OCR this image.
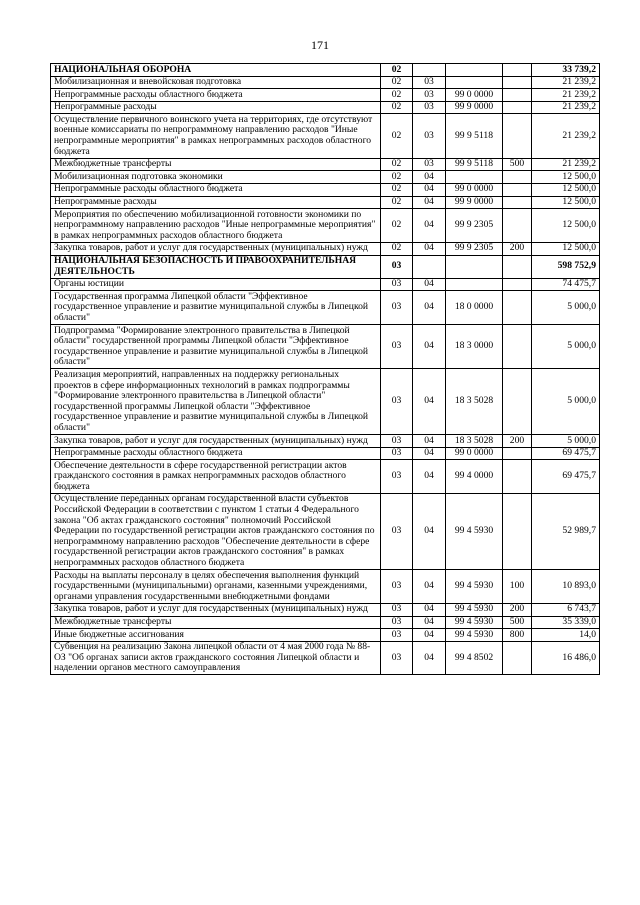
171
НАЦИОНАЛЬНАЯ ОБОРОНА	02				33 739,2
Мобилизационная и вневойсковая подготовка	02	03			21 239,2
Непрограммные расходы областного бюджета	02	03	99 0 0000		21 239,2
Непрограммные расходы	02	03	99 9 0000		21 239,2
Осуществление первичного воинского учета на территориях, где отсутствуют военные комиссариаты по непрограммному направлению расходов "Иные непрограммные мероприятия" в рамках непрограммных расходов областного бюджета	02	03	99 9 5118		21 239,2
Межбюджетные трансферты	02	03	99 9 5118	500	21 239,2
Мобилизационная подготовка экономики	02	04			12 500,0
Непрограммные расходы областного бюджета	02	04	99 0 0000		12 500,0
Непрограммные расходы	02	04	99 9 0000		12 500,0
Мероприятия по обеспечению мобилизационной готовности экономики по непрограммному направлению расходов "Иные непрограммные мероприятия" в рамках непрограммных расходов областного бюджета	02	04	99 9 2305		12 500,0
Закупка товаров, работ и услуг для государственных (муниципальных) нужд	02	04	99 9 2305	200	12 500,0
НАЦИОНАЛЬНАЯ БЕЗОПАСНОСТЬ И ПРАВООХРАНИТЕЛЬНАЯ ДЕЯТЕЛЬНОСТЬ	03				598 752,9
Органы юстиции	03	04			74 475,7
Государственная программа Липецкой области "Эффективное государственное управление и развитие муниципальной службы в Липецкой области"	03	04	18 0 0000		5 000,0
Подпрограмма "Формирование электронного правительства в Липецкой области" государственной программы Липецкой области "Эффективное государственное управление и развитие муниципальной службы в Липецкой области"	03	04	18 3 0000		5 000,0
Реализация мероприятий, направленных на поддержку региональных проектов в сфере информационных технологий в рамках подпрограммы "Формирование электронного правительства в Липецкой области" государственной программы Липецкой области "Эффективное государственное управление и развитие муниципальной службы в Липецкой области"	03	04	18 3 5028		5 000,0
Закупка товаров, работ и услуг для государственных (муниципальных) нужд	03	04	18 3 5028	200	5 000,0
Непрограммные расходы областного бюджета	03	04	99 0 0000		69 475,7
Обеспечение деятельности в сфере государственной регистрации актов гражданского состояния в рамках непрограммных расходов областного бюджета	03	04	99 4 0000		69 475,7
Осуществление переданных органам государственной власти субъектов Российской Федерации в соответствии с пунктом 1 статьи 4 Федерального закона "Об актах гражданского состояния" полномочий Российской Федерации по государственной регистрации актов гражданского состояния по непрограммному направлению расходов "Обеспечение деятельности в сфере государственной регистрации актов гражданского состояния" в рамках непрограммных расходов областного бюджета	03	04	99 4 5930		52 989,7
Расходы на выплаты персоналу в целях обеспечения выполнения функций государственными (муниципальными) органами, казенными учреждениями, органами управления государственными внебюджетными фондами	03	04	99 4 5930	100	10 893,0
Закупка товаров, работ и услуг для государственных (муниципальных) нужд	03	04	99 4 5930	200	6 743,7
Межбюджетные трансферты	03	04	99 4 5930	500	35 339,0
Иные бюджетные ассигнования	03	04	99 4 5930	800	14,0
Субвенция на реализацию Закона липецкой области от 4 мая 2000 года № 88-ОЗ "Об органах записи актов гражданского состояния Липецкой области и наделении органов местного самоуправления	03	04	99 4 8502		16 486,0
